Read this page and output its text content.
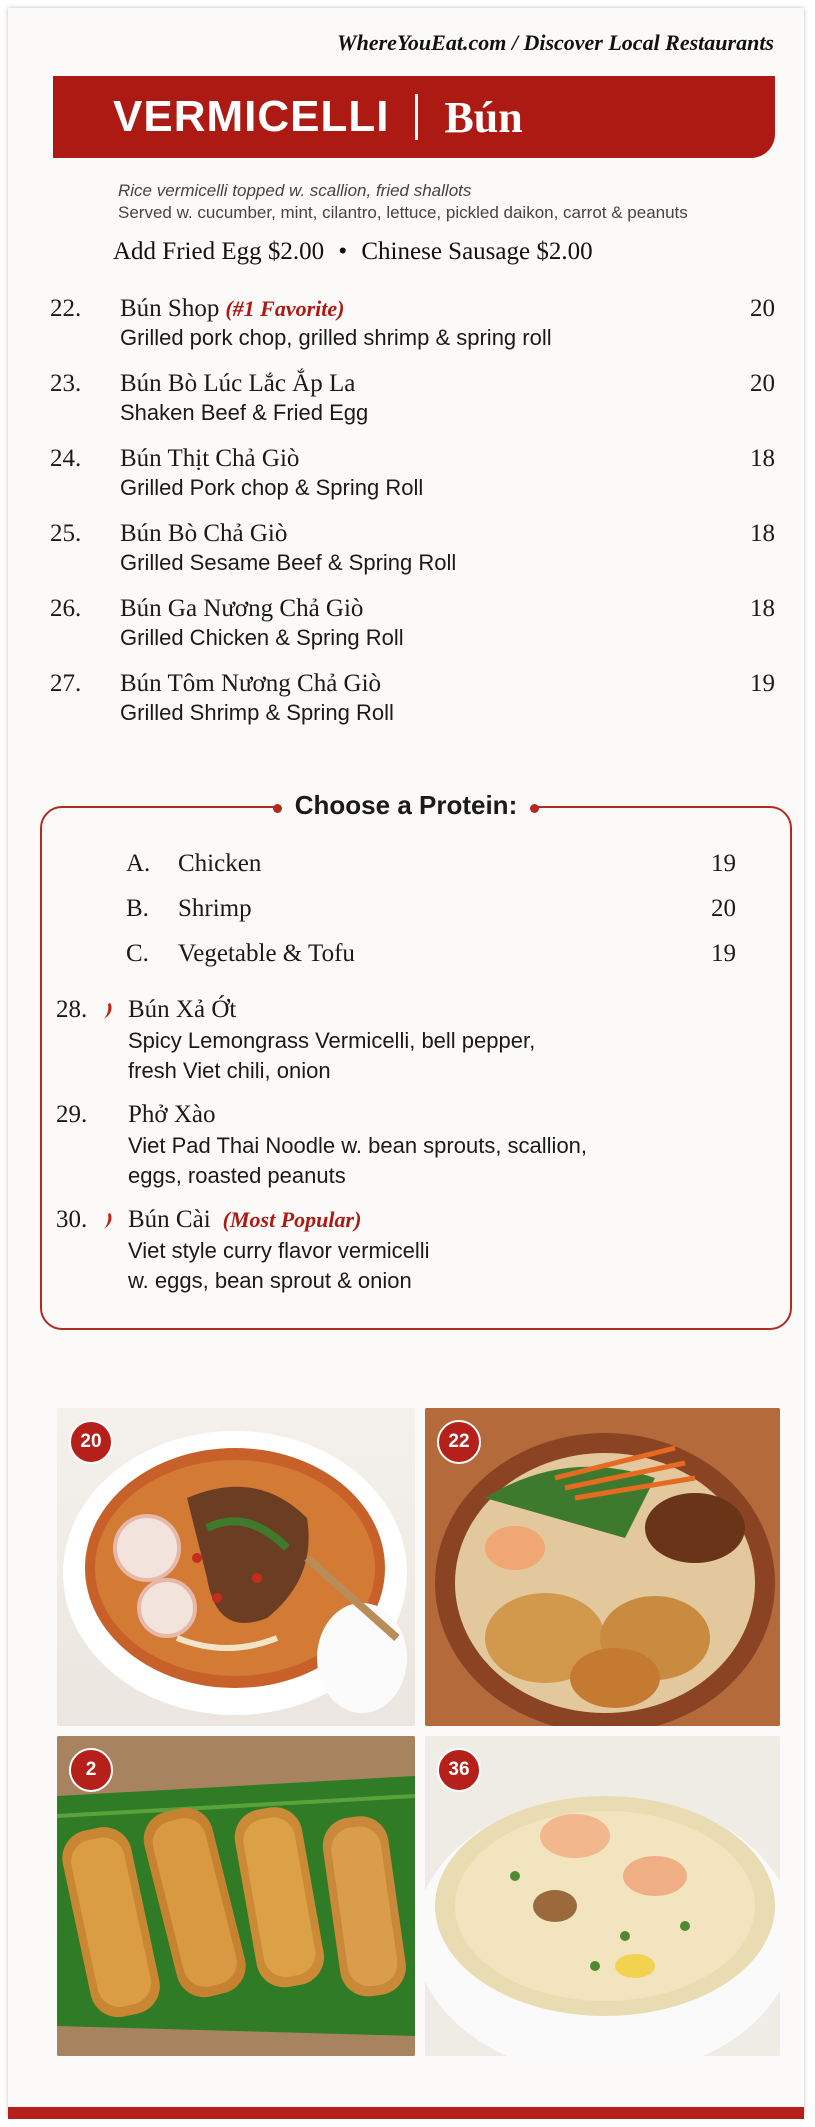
WhereYouEat.com / Discover Local Restaurants
VERMICELLI Bún
Rice vermicelli topped w. scallion, fried shallots
Served w. cucumber, mint, cilantro, lettuce, pickled daikon, carrot & peanuts
Add Fried Egg $2.00 • Chinese Sausage $2.00
22. Bún Shop (#1 Favorite)	20
Grilled pork chop, grilled shrimp & spring roll
23. Bún Bò Lúc Lắc Ắp La	20
Shaken Beef & Fried Egg
24. Bún Thịt Chả Giò	18
Grilled Pork chop & Spring Roll
25. Bún Bò Chả Giò	18
Grilled Sesame Beef & Spring Roll
26. Bún Ga Nương Chả Giò	18
Grilled Chicken & Spring Roll
27. Bún Tôm Nương Chả Giò	19
Grilled Shrimp & Spring Roll
Choose a Protein:
A. Chicken	19
B. Shrimp	20
C. Vegetable & Tofu	19
28. Bún Xả Ớt
Spicy Lemongrass Vermicelli, bell pepper,
fresh Viet chili, onion
29. Phở Xào
Viet Pad Thai Noodle w. bean sprouts, scallion,
eggs, roasted peanuts
30. Bún Cài (Most Popular)
Viet style curry flavor vermicelli
w. eggs, bean sprout & onion
20	22
2	36
